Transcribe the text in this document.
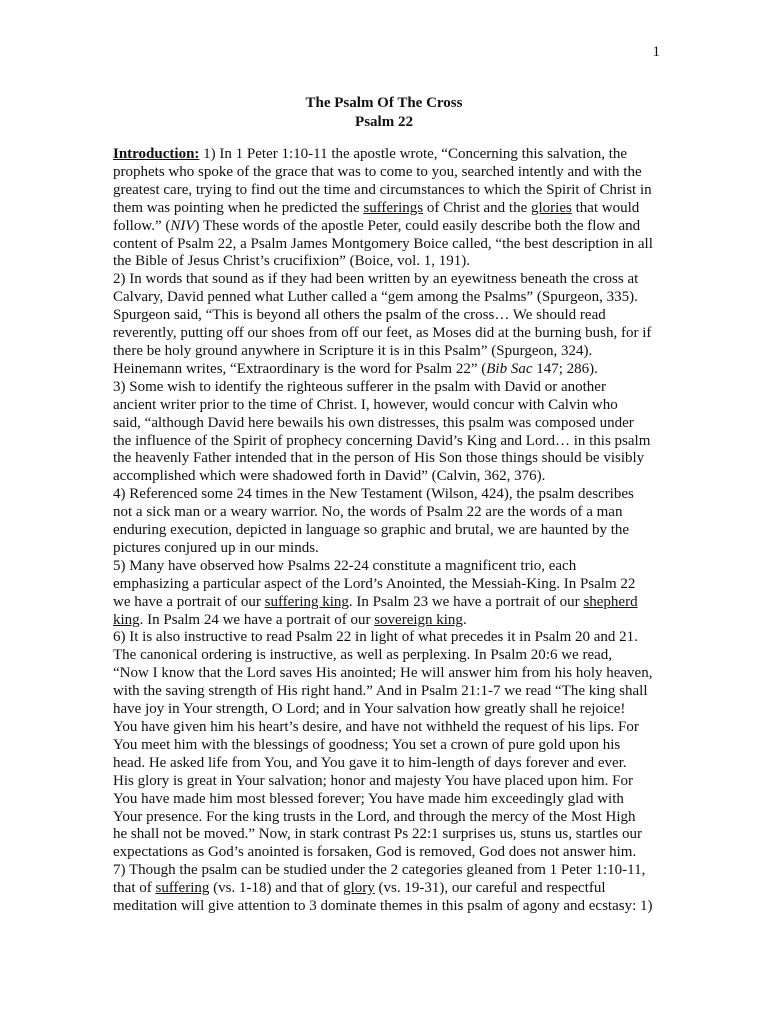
1
The Psalm Of The Cross
Psalm 22
Introduction: 1) In 1 Peter 1:10-11 the apostle wrote, “Concerning this salvation, the
prophets who spoke of the grace that was to come to you, searched intently and with the
greatest care, trying to find out the time and circumstances to which the Spirit of Christ in
them was pointing when he predicted the sufferings of Christ and the glories that would
follow.” (NIV) These words of the apostle Peter, could easily describe both the flow and
content of Psalm 22, a Psalm James Montgomery Boice called, “the best description in all
the Bible of Jesus Christ’s crucifixion” (Boice, vol. 1, 191).
2) In words that sound as if they had been written by an eyewitness beneath the cross at
Calvary, David penned what Luther called a “gem among the Psalms” (Spurgeon, 335).
Spurgeon said, “This is beyond all others the psalm of the cross… We should read
reverently, putting off our shoes from off our feet, as Moses did at the burning bush, for if
there be holy ground anywhere in Scripture it is in this Psalm” (Spurgeon, 324).
Heinemann writes, “Extraordinary is the word for Psalm 22” (Bib Sac 147; 286).
3) Some wish to identify the righteous sufferer in the psalm with David or another
ancient writer prior to the time of Christ. I, however, would concur with Calvin who
said, “although David here bewails his own distresses, this psalm was composed under
the influence of the Spirit of prophecy concerning David’s King and Lord… in this psalm
the heavenly Father intended that in the person of His Son those things should be visibly
accomplished which were shadowed forth in David” (Calvin, 362, 376).
4) Referenced some 24 times in the New Testament (Wilson, 424), the psalm describes
not a sick man or a weary warrior. No, the words of Psalm 22 are the words of a man
enduring execution, depicted in language so graphic and brutal, we are haunted by the
pictures conjured up in our minds.
5) Many have observed how Psalms 22-24 constitute a magnificent trio, each
emphasizing a particular aspect of the Lord’s Anointed, the Messiah-King. In Psalm 22
we have a portrait of our suffering king. In Psalm 23 we have a portrait of our shepherd
king. In Psalm 24 we have a portrait of our sovereign king.
6) It is also instructive to read Psalm 22 in light of what precedes it in Psalm 20 and 21.
The canonical ordering is instructive, as well as perplexing. In Psalm 20:6 we read,
“Now I know that the Lord saves His anointed; He will answer him from his holy heaven,
with the saving strength of His right hand.” And in Psalm 21:1-7 we read “The king shall
have joy in Your strength, O Lord; and in Your salvation how greatly shall he rejoice!
You have given him his heart’s desire, and have not withheld the request of his lips. For
You meet him with the blessings of goodness; You set a crown of pure gold upon his
head. He asked life from You, and You gave it to him-length of days forever and ever.
His glory is great in Your salvation; honor and majesty You have placed upon him. For
You have made him most blessed forever; You have made him exceedingly glad with
Your presence. For the king trusts in the Lord, and through the mercy of the Most High
he shall not be moved.” Now, in stark contrast Ps 22:1 surprises us, stuns us, startles our
expectations as God’s anointed is forsaken, God is removed, God does not answer him.
7) Though the psalm can be studied under the 2 categories gleaned from 1 Peter 1:10-11,
that of suffering (vs. 1-18) and that of glory (vs. 19-31), our careful and respectful
meditation will give attention to 3 dominate themes in this psalm of agony and ecstasy: 1)
